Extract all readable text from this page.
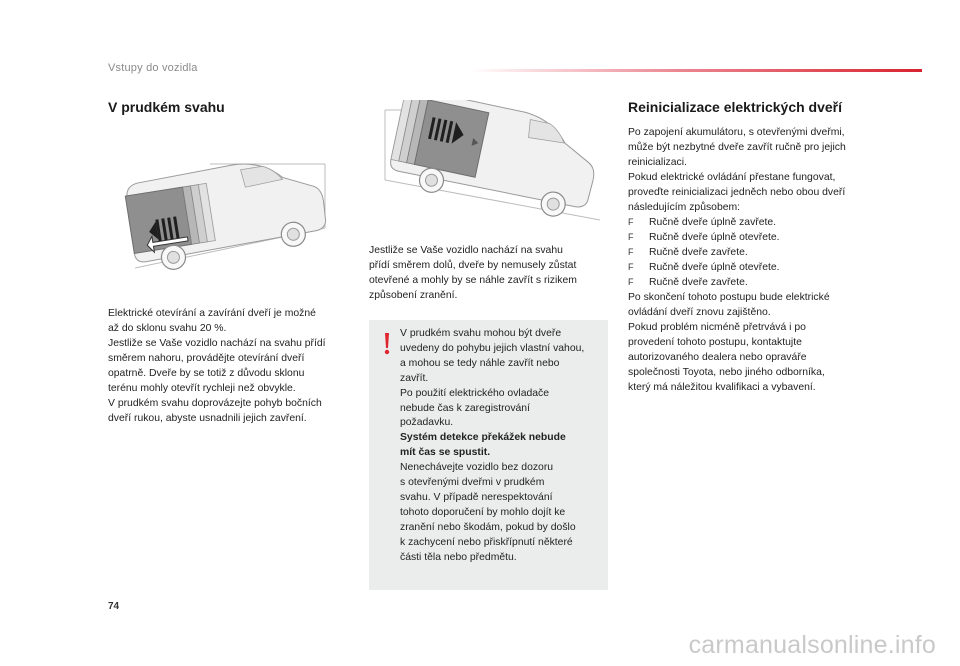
Vstupy do vozidla
V prudkém svahu

Elektrické otevírání a zavírání dveří je možné

až do sklonu svahu 20 %.

Jestliže se Vaše vozidlo nachází na svahu přídí

směrem nahoru, provádějte otevírání dveří

opatrně. Dveře by se totiž z důvodu sklonu

terénu mohly otevřít rychleji než obvykle.

V prudkém svahu doprovázejte pohyb bočních

dveří rukou, abyste usnadnili jejich zavření.

Jestliže se Vaše vozidlo nachází na svahu

přídí směrem dolů, dveře by nemusely zůstat

otevřené a mohly by se náhle zavřít s rizikem

způsobení zranění.

V prudkém svahu mohou být dveře

uvedeny do pohybu jejich vlastní vahou,

a mohou se tedy náhle zavřít nebo

zavřít.

Po použití elektrického ovladače

nebude čas k zaregistrování

požadavku.

Systém detekce překážek nebude

mít čas se spustit.

Nenechávejte vozidlo bez dozoru

s otevřenými dveřmi v prudkém

svahu. V případě nerespektování

tohoto doporučení by mohlo dojít ke

zranění nebo škodám, pokud by došlo

k zachycení nebo přiskřípnutí některé

části těla nebo předmětu.

Reinicializace elektrických dveří

Po zapojení akumulátoru, s otevřenými dveřmi,

může být nezbytné dveře zavřít ručně pro jejich

reinicializaci.

Pokud elektrické ovládání přestane fungovat,

proveďte reinicializaci jedněch nebo obou dveří

následujícím způsobem:

F	Ručně dveře úplně zavřete.
F	Ručně dveře úplně otevřete.
F	Ručně dveře zavřete.
F	Ručně dveře úplně otevřete.
F	Ručně dveře zavřete.

Po skončení tohoto postupu bude elektrické

ovládání dveří znovu zajištěno.

Pokud problém nicméně přetrvává i po

provedení tohoto postupu, kontaktujte

autorizovaného dealera nebo opraváře

společnosti Toyota, nebo jiného odborníka,

který má náležitou kvalifikaci a vybavení.

74
carmanualsonline.info
